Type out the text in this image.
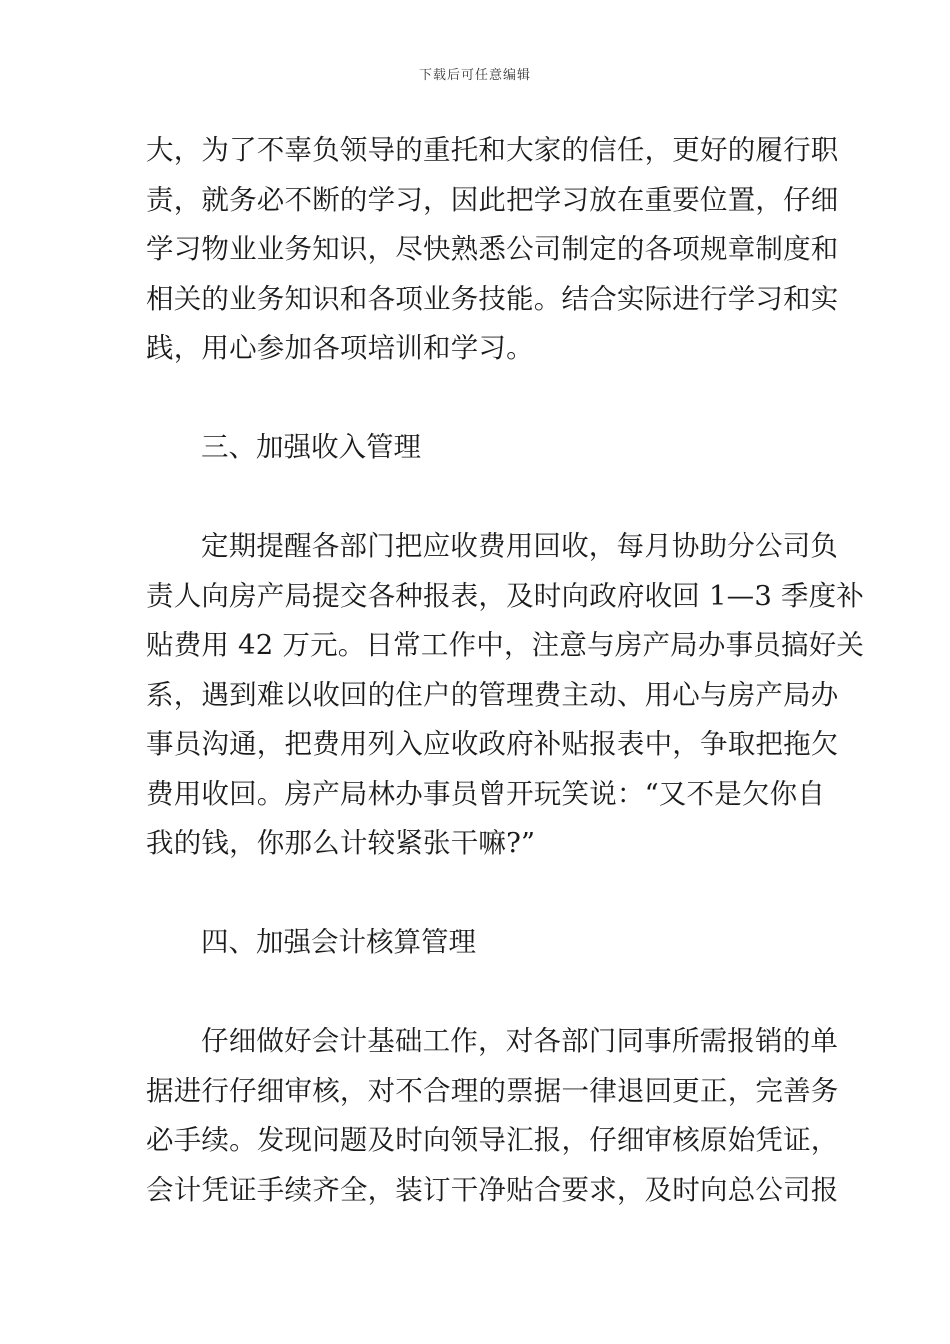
下载后可任意编辑
大，为了不辜负领导的重托和大家的信任，更好的履行职
责，就务必不断的学习，因此把学习放在重要位置，仔细
学习物业业务知识，尽快熟悉公司制定的各项规章制度和
相关的业务知识和各项业务技能。结合实际进行学习和实
践，用心参加各项培训和学习。
三、加强收入管理
定期提醒各部门把应收费用回收，每月协助分公司负
责人向房产局提交各种报表，及时向政府收回 1—3 季度补
贴费用 42 万元。日常工作中，注意与房产局办事员搞好关
系，遇到难以收回的住户的管理费主动、用心与房产局办
事员沟通，把费用列入应收政府补贴报表中，争取把拖欠
费用收回。房产局林办事员曾开玩笑说：“又不是欠你自
我的钱，你那么计较紧张干嘛?”
四、加强会计核算管理
仔细做好会计基础工作，对各部门同事所需报销的单
据进行仔细审核，对不合理的票据一律退回更正，完善务
必手续。发现问题及时向领导汇报，仔细审核原始凭证，
会计凭证手续齐全，装订干净贴合要求，及时向总公司报
